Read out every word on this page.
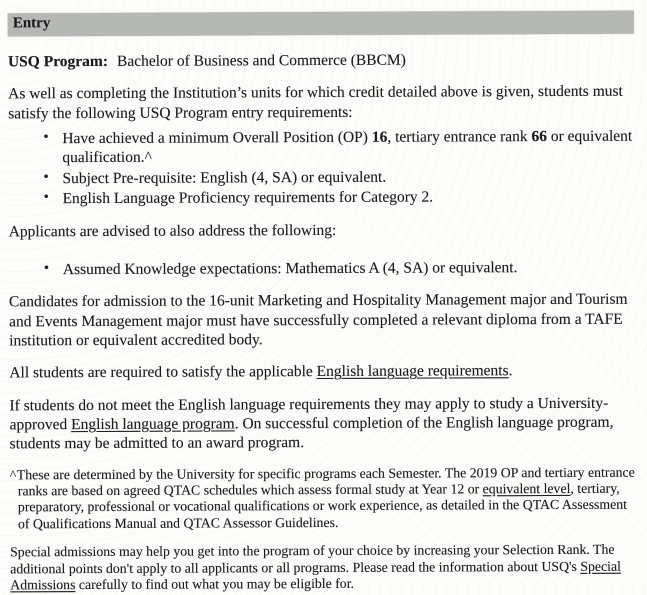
Entry

USQ Program: Bachelor of Business and Commerce (BBCM)

As well as completing the Institution’s units for which credit detailed above is given, students must satisfy the following USQ Program entry requirements:

• Have achieved a minimum Overall Position (OP) 16, tertiary entrance rank 66 or equivalent qualification.^
• Subject Pre-requisite: English (4, SA) or equivalent.
• English Language Proficiency requirements for Category 2.

Applicants are advised to also address the following:

• Assumed Knowledge expectations: Mathematics A (4, SA) or equivalent.

Candidates for admission to the 16-unit Marketing and Hospitality Management major and Tourism and Events Management major must have successfully completed a relevant diploma from a TAFE institution or equivalent accredited body.

All students are required to satisfy the applicable English language requirements.

If students do not meet the English language requirements they may apply to study a University-approved English language program. On successful completion of the English language program, students may be admitted to an award program.

^These are determined by the University for specific programs each Semester. The 2019 OP and tertiary entrance ranks are based on agreed QTAC schedules which assess formal study at Year 12 or equivalent level, tertiary, preparatory, professional or vocational qualifications or work experience, as detailed in the QTAC Assessment of Qualifications Manual and QTAC Assessor Guidelines.

Special admissions may help you get into the program of your choice by increasing your Selection Rank. The additional points don't apply to all applicants or all programs. Please read the information about USQ's Special Admissions carefully to find out what you may be eligible for.
